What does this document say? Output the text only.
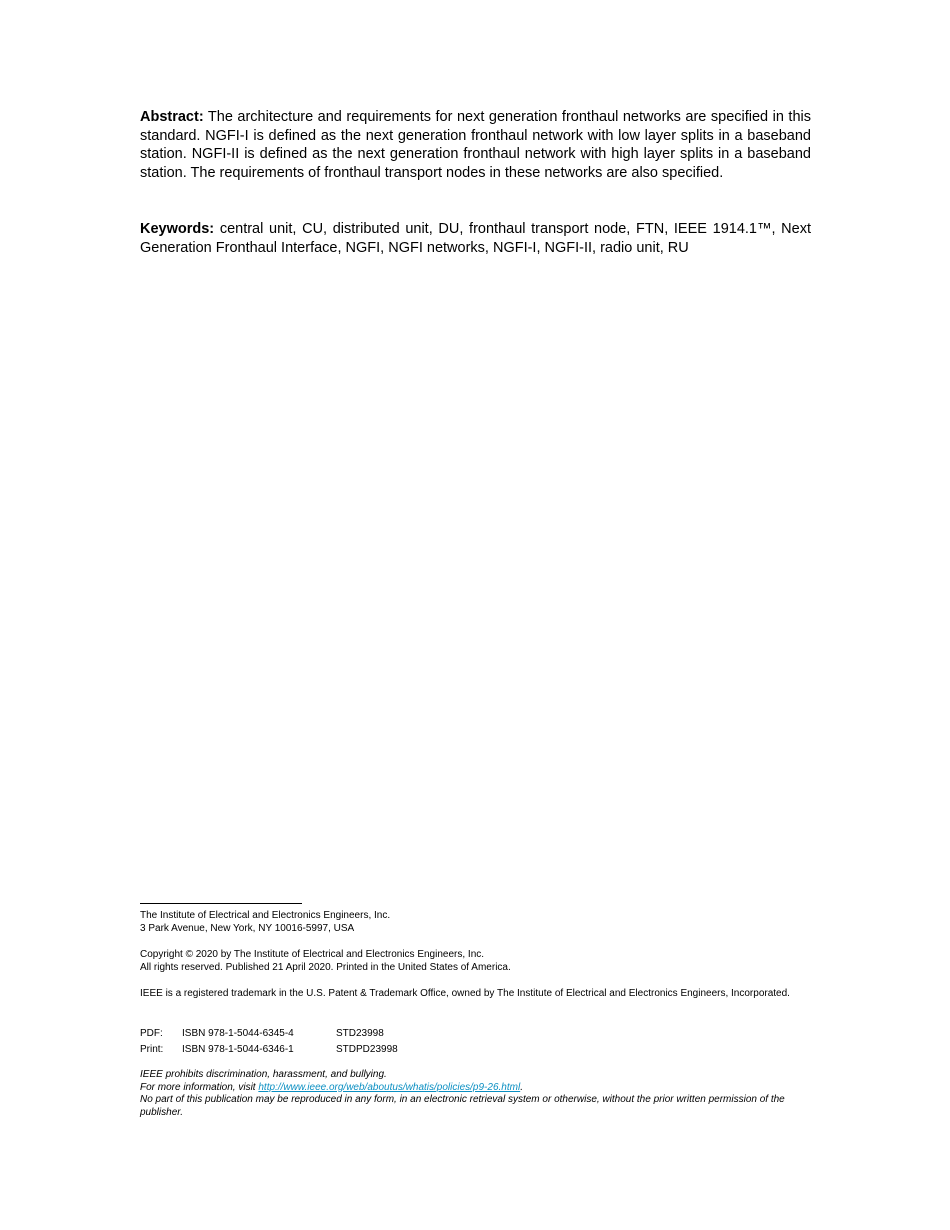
Abstract: The architecture and requirements for next generation fronthaul networks are specified in this standard. NGFI-I is defined as the next generation fronthaul network with low layer splits in a baseband station. NGFI-II is defined as the next generation fronthaul network with high layer splits in a baseband station. The requirements of fronthaul transport nodes in these networks are also specified.

Keywords: central unit, CU, distributed unit, DU, fronthaul transport node, FTN, IEEE 1914.1™, Next Generation Fronthaul Interface, NGFI, NGFI networks, NGFI-I, NGFI-II, radio unit, RU

The Institute of Electrical and Electronics Engineers, Inc.
3 Park Avenue, New York, NY 10016-5997, USA

Copyright © 2020 by The Institute of Electrical and Electronics Engineers, Inc.
All rights reserved. Published 21 April 2020. Printed in the United States of America.

IEEE is a registered trademark in the U.S. Patent & Trademark Office, owned by The Institute of Electrical and Electronics Engineers, Incorporated.

PDF:	ISBN 978-1-5044-6345-4	STD23998
Print:	ISBN 978-1-5044-6346-1	STDPD23998

IEEE prohibits discrimination, harassment, and bullying.
For more information, visit http://www.ieee.org/web/aboutus/whatis/policies/p9-26.html.
No part of this publication may be reproduced in any form, in an electronic retrieval system or otherwise, without the prior written permission of the publisher.
